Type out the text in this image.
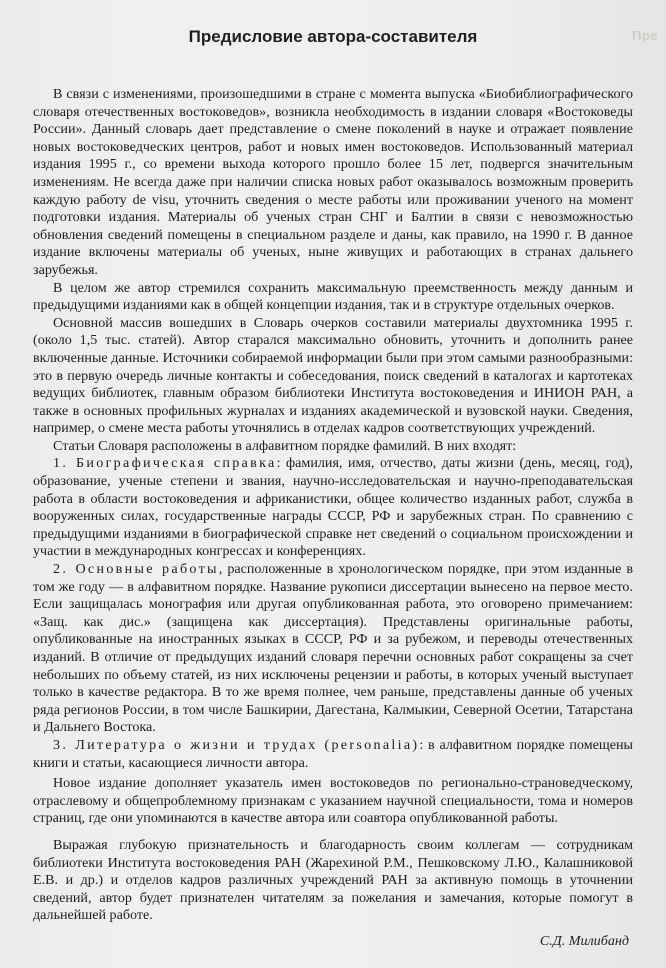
Пре
Предисловие автора-составителя

В связи с изменениями, произошедшими в стране с момента выпуска «Биобиблиографического словаря отечественных востоковедов», возникла необходимость в издании словаря «Востоковеды России». Данный словарь дает представление о смене поколений в науке и отражает появление новых востоковедческих центров, работ и новых имен востоковедов. Использованный материал издания 1995 г., со времени выхода которого прошло более 15 лет, подвергся значительным изменениям. Не всегда даже при наличии списка новых работ оказывалось возможным проверить каждую работу de visu, уточнить сведения о месте работы или проживании ученого на момент подготовки издания. Материалы об ученых стран СНГ и Балтии в связи с невозможностью обновления сведений помещены в специальном разделе и даны, как правило, на 1990 г. В данное издание включены материалы об ученых, ныне живущих и работающих в странах дальнего зарубежья.

В целом же автор стремился сохранить максимальную преемственность между данным и предыдущими изданиями как в общей концепции издания, так и в структуре отдельных очерков.

Основной массив вошедших в Словарь очерков составили материалы двухтомника 1995 г. (около 1,5 тыс. статей). Автор старался максимально обновить, уточнить и дополнить ранее включенные данные. Источники собираемой информации были при этом самыми разнообразными: это в первую очередь личные контакты и собеседования, поиск сведений в каталогах и картотеках ведущих библиотек, главным образом библиотеки Института востоковедения и ИНИОН РАН, а также в основных профильных журналах и изданиях академической и вузовской науки. Сведения, например, о смене места работы уточнялись в отделах кадров соответствующих учреждений.

Статьи Словаря расположены в алфавитном порядке фамилий. В них входят:

1. Биографическая справка: фамилия, имя, отчество, даты жизни (день, месяц, год), образование, ученые степени и звания, научно-исследовательская и научно-преподавательская работа в области востоковедения и африканистики, общее количество изданных работ, служба в вооруженных силах, государственные награды СССР, РФ и зарубежных стран. По сравнению с предыдущими изданиями в биографической справке нет сведений о социальном происхождении и участии в международных конгрессах и конференциях.

2. Основные работы, расположенные в хронологическом порядке, при этом изданные в том же году — в алфавитном порядке. Название рукописи диссертации вынесено на первое место. Если защищалась монография или другая опубликованная работа, это оговорено примечанием: «Защ. как дис.» (защищена как диссертация). Представлены оригинальные работы, опубликованные на иностранных языках в СССР, РФ и за рубежом, и переводы отечественных изданий. В отличие от предыдущих изданий словаря перечни основных работ сокращены за счет небольших по объему статей, из них исключены рецензии и работы, в которых ученый выступает только в качестве редактора. В то же время полнее, чем раньше, представлены данные об ученых ряда регионов России, в том числе Башкирии, Дагестана, Калмыкии, Северной Осетии, Татарстана и Дальнего Востока.

3. Литература о жизни и трудах (personalia): в алфавитном порядке помещены книги и статьи, касающиеся личности автора.

Новое издание дополняет указатель имен востоковедов по регионально-страноведческому, отраслевому и общепроблемному признакам с указанием научной специальности, тома и номеров страниц, где они упоминаются в качестве автора или соавтора опубликованной работы.

Выражая глубокую признательность и благодарность своим коллегам — сотрудникам библиотеки Института востоковедения РАН (Жарехиной Р.М., Пешковскому Л.Ю., Калашниковой Е.В. и др.) и отделов кадров различных учреждений РАН за активную помощь в уточнении сведений, автор будет признателен читателям за пожелания и замечания, которые помогут в дальнейшей работе.

С.Д. Милибанд
